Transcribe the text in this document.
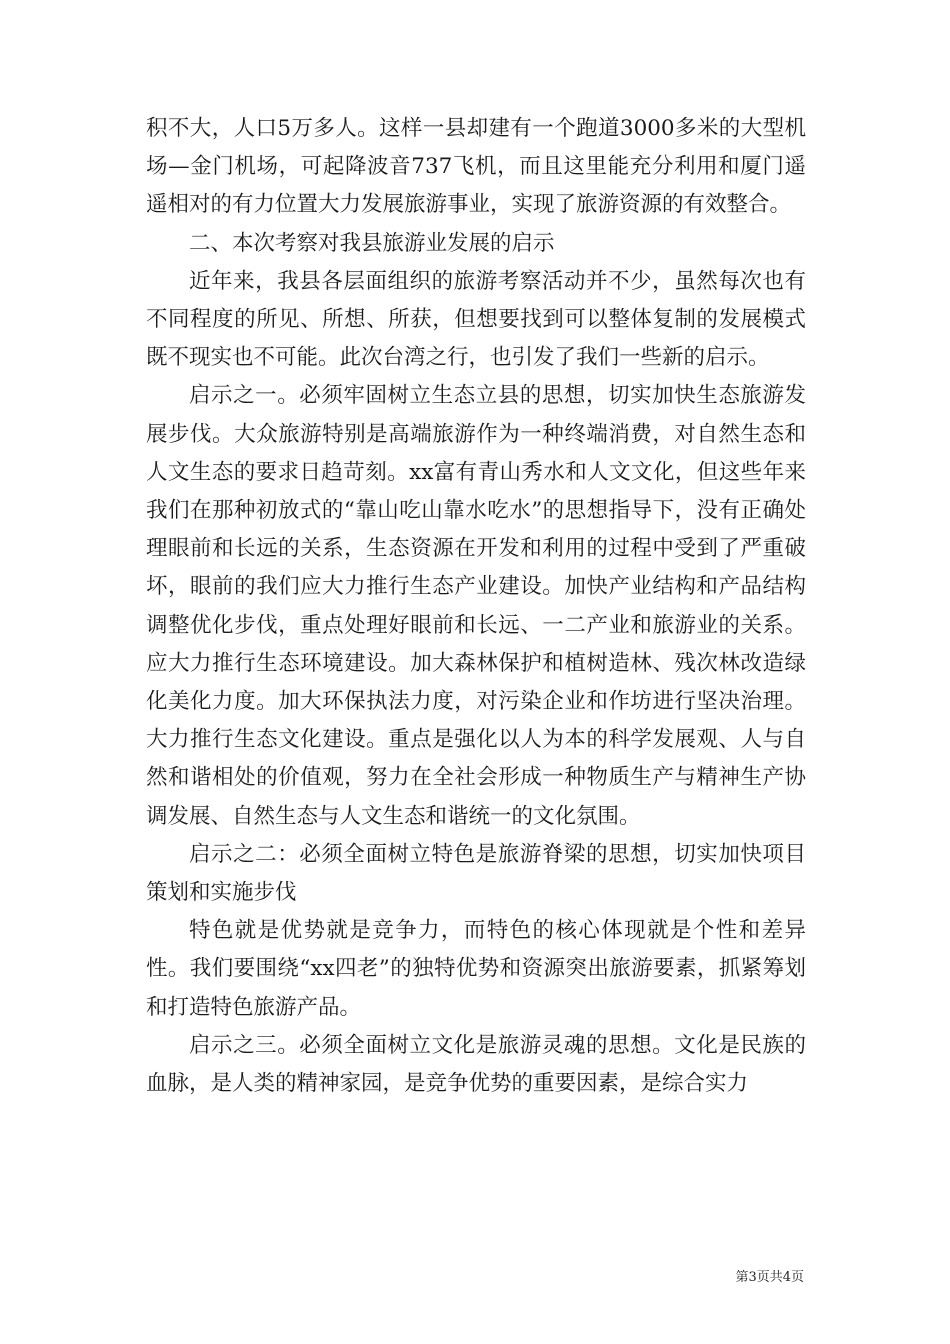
积不大，人口5万多人。这样一县却建有一个跑道3000多米的大型机场—金门机场，可起降波音737飞机，而且这里能充分利用和厦门遥遥相对的有力位置大力发展旅游事业，实现了旅游资源的有效整合。

二、本次考察对我县旅游业发展的启示

近年来，我县各层面组织的旅游考察活动并不少，虽然每次也有不同程度的所见、所想、所获，但想要找到可以整体复制的发展模式既不现实也不可能。此次台湾之行，也引发了我们一些新的启示。

启示之一。必须牢固树立生态立县的思想，切实加快生态旅游发展步伐。大众旅游特别是高端旅游作为一种终端消费，对自然生态和人文生态的要求日趋苛刻。xx富有青山秀水和人文文化，但这些年来我们在那种初放式的“靠山吃山靠水吃水”的思想指导下，没有正确处理眼前和长远的关系，生态资源在开发和利用的过程中受到了严重破坏，眼前的我们应大力推行生态产业建设。加快产业结构和产品结构调整优化步伐，重点处理好眼前和长远、一二产业和旅游业的关系。应大力推行生态环境建设。加大森林保护和植树造林、残次林改造绿化美化力度。加大环保执法力度，对污染企业和作坊进行坚决治理。大力推行生态文化建设。重点是强化以人为本的科学发展观、人与自然和谐相处的价值观，努力在全社会形成一种物质生产与精神生产协调发展、自然生态与人文生态和谐统一的文化氛围。

启示之二：必须全面树立特色是旅游脊梁的思想，切实加快项目策划和实施步伐

特色就是优势就是竞争力，而特色的核心体现就是个性和差异性。我们要围绕“xx四老”的独特优势和资源突出旅游要素，抓紧筹划和打造特色旅游产品。

启示之三。必须全面树立文化是旅游灵魂的思想。文化是民族的血脉，是人类的精神家园，是竞争优势的重要因素，是综合实力

第3页共4页
